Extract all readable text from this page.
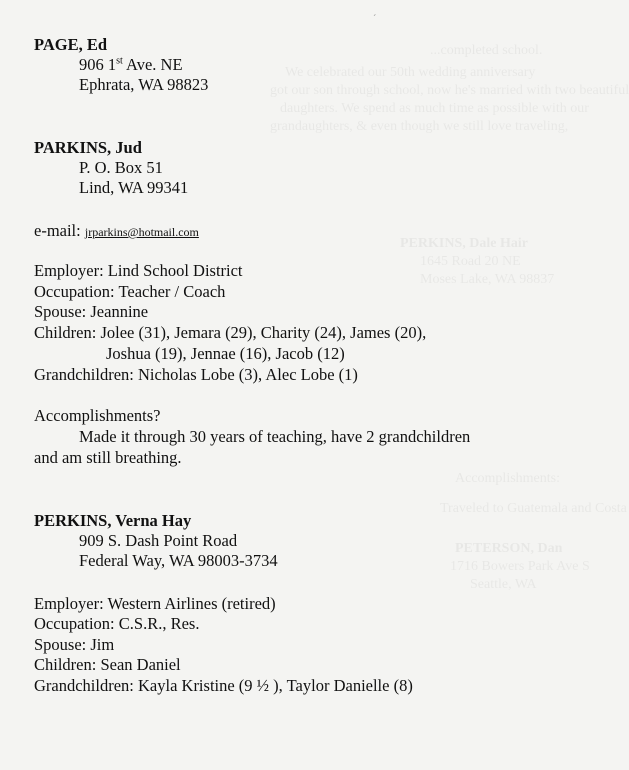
...completed school.
We celebrated our 50th wedding anniversary
got our son through school, now he's married with two beautiful
daughters. We spend as much time as possible with our
grandaughters, & even though we still love traveling,
PERKINS, Dale Hair
1645 Road 20 NE
Moses Lake, WA 98837
Accomplishments:
Traveled to Guatemala and Costa
PETERSON, Dan
1716 Bowers Park Ave S
Seattle, WA
ˊ
PAGE, Ed
906 1st Ave. NE
Ephrata, WA 98823
PARKINS, Jud
P. O. Box 51
Lind, WA 99341
e-mail: jrparkins@hotmail.com
Employer: Lind School District
Occupation: Teacher / Coach
Spouse: Jeannine
Children: Jolee (31), Jemara (29), Charity (24), James (20),
Joshua (19), Jennae (16), Jacob (12)
Grandchildren: Nicholas Lobe (3), Alec Lobe (1)
Accomplishments?
Made it through 30 years of teaching, have 2 grandchildren
and am still breathing.
PERKINS, Verna Hay
909 S. Dash Point Road
Federal Way, WA 98003-3734
Employer: Western Airlines (retired)
Occupation: C.S.R., Res.
Spouse: Jim
Children: Sean Daniel
Grandchildren: Kayla Kristine (9 ½ ), Taylor Danielle (8)
